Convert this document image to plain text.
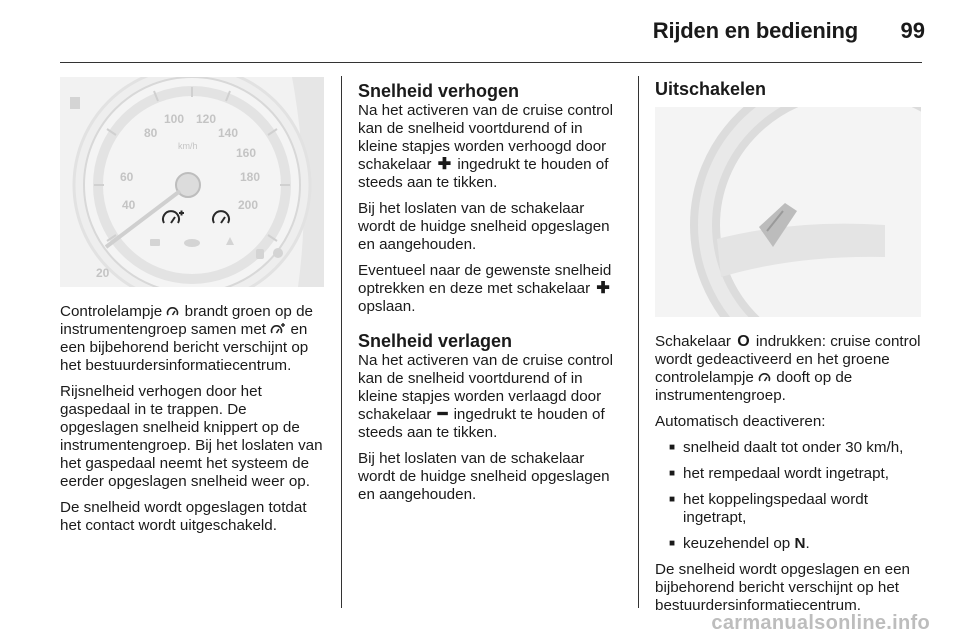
Rijden en bediening	99
20
40
60
80
100 120
140
160
180
200
km/h

Controlelampje brandt groen op de instrumentengroep samen met en een bijbehorend bericht verschijnt op het bestuurdersinformatiecentrum.

Rijsnelheid verhogen door het gaspedaal in te trappen. De opgeslagen snelheid knippert op de instrumentengroep. Bij het loslaten van het gaspedaal neemt het systeem de eerder opgeslagen snelheid weer op.

De snelheid wordt opgeslagen totdat het contact wordt uitgeschakeld.

Snelheid verhogen

Na het activeren van de cruise control kan de snelheid voortdurend of in kleine stapjes worden verhoogd door schakelaar ✚ ingedrukt te houden of steeds aan te tikken.

Bij het loslaten van de schakelaar wordt de huidge snelheid opgeslagen en aangehouden.

Eventueel naar de gewenste snelheid optrekken en deze met schakelaar ✚ opslaan.

Snelheid verlagen

Na het activeren van de cruise control kan de snelheid voortdurend of in kleine stapjes worden verlaagd door schakelaar ━ ingedrukt te houden of steeds aan te tikken.

Bij het loslaten van de schakelaar wordt de huidge snelheid opgeslagen en aangehouden.

Uitschakelen

Schakelaar O indrukken: cruise control wordt gedeactiveerd en het groene controlelampje dooft op de instrumentengroep.

Automatisch deactiveren:

■ snelheid daalt tot onder 30 km/h,
■ het rempedaal wordt ingetrapt,
■ het koppelingspedaal wordt ingetrapt,
■ keuzehendel op N.

De snelheid wordt opgeslagen en een bijbehorend bericht verschijnt op het bestuurdersinformatiecentrum.

carmanualsonline.info
